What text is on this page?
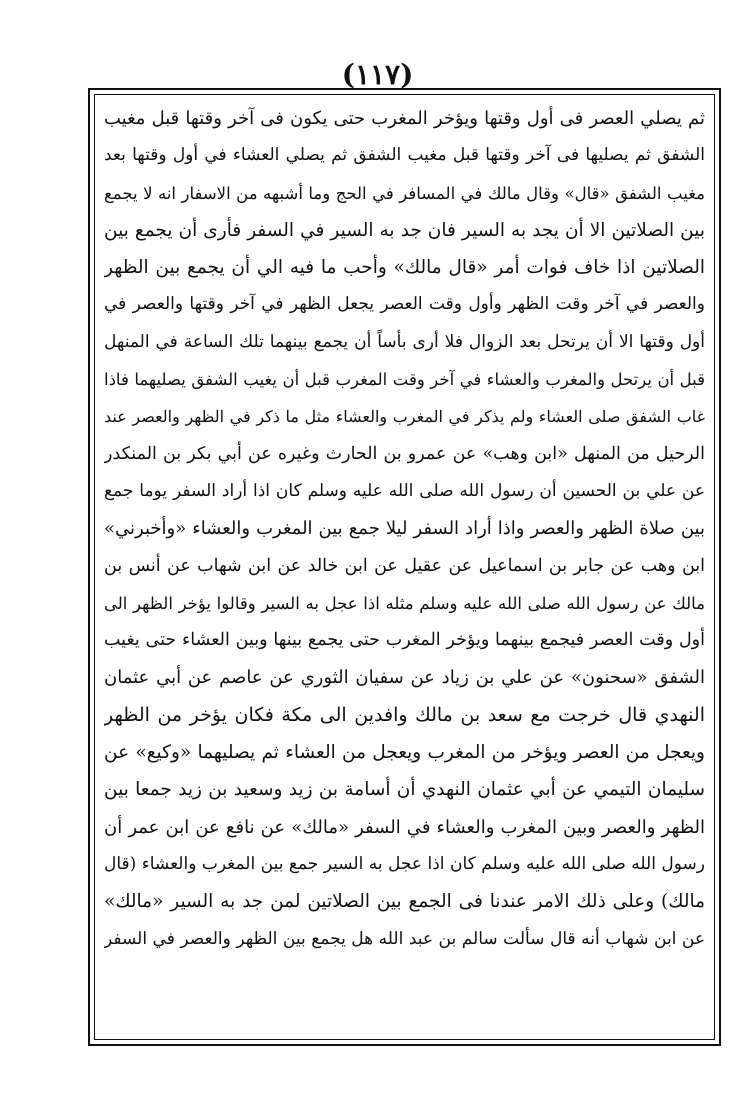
(١١٧)
ثم يصلي العصر فى أول وقتها ويؤخر المغرب حتى يكون فى آخر وقتها قبل مغيب
الشفق ثم يصليها فى آخر وقتها قبل مغيب الشفق ثم يصلي العشاء في أول وقتها بعد
مغيب الشفق «قال» وقال مالك في المسافر في الحج وما أشبهه من الاسفار انه لا يجمع
بين الصلاتين الا أن يجد به السير فان جد به السير في السفر فأرى أن يجمع بين
الصلاتين اذا خاف فوات أمر «قال مالك» وأحب ما فيه الي أن يجمع بين الظهر
والعصر في آخر وقت الظهر وأول وقت العصر يجعل الظهر في آخر وقتها والعصر في
أول وقتها الا أن يرتحل بعد الزوال فلا أرى بأساً أن يجمع بينهما تلك الساعة في المنهل
قبل أن يرتحل والمغرب والعشاء في آخر وقت المغرب قبل أن يغيب الشفق يصليهما فاذا
غاب الشفق صلى العشاء ولم يذكر في المغرب والعشاء مثل ما ذكر في الظهر والعصر عند
الرحيل من المنهل «ابن وهب» عن عمرو بن الحارث وغيره عن أبي بكر بن المنكدر
عن علي بن الحسين أن رسول الله صلى الله عليه وسلم كان اذا أراد السفر يوما جمع
بين صلاة الظهر والعصر واذا أراد السفر ليلا جمع بين المغرب والعشاء «وأخبرني»
ابن وهب عن جابر بن اسماعيل عن عقيل عن ابن خالد عن ابن شهاب عن أنس بن
مالك عن رسول الله صلى الله عليه وسلم مثله اذا عجل به السير وقالوا يؤخر الظهر الى
أول وقت العصر فيجمع بينهما ويؤخر المغرب حتى يجمع بينها وبين العشاء حتى يغيب
الشفق «سحنون» عن علي بن زياد عن سفيان الثوري عن عاصم عن أبي عثمان
النهدي قال خرجت مع سعد بن مالك وافدين الى مكة فكان يؤخر من الظهر
ويعجل من العصر ويؤخر من المغرب ويعجل من العشاء ثم يصليهما «وكيع» عن
سليمان التيمي عن أبي عثمان النهدي أن أسامة بن زيد وسعيد بن زيد جمعا بين
الظهر والعصر وبين المغرب والعشاء في السفر «مالك» عن نافع عن ابن عمر أن
رسول الله صلى الله عليه وسلم كان اذا عجل به السير جمع بين المغرب والعشاء (قال
مالك) وعلى ذلك الامر عندنا فى الجمع بين الصلاتين لمن جد به السير «مالك»
عن ابن شهاب أنه قال سألت سالم بن عبد الله هل يجمع بين الظهر والعصر في السفر
